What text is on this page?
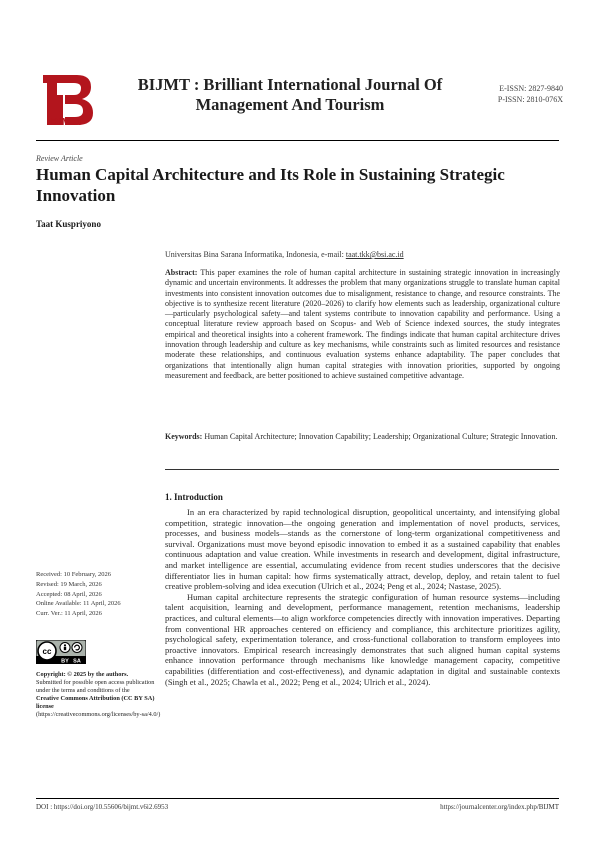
BIMJT
BIJMT : Brilliant International Journal Of Management And Tourism
E-ISSN: 2827-9840
P-ISSN: 2810-076X
Review Article
Human Capital Architecture and Its Role in Sustaining Strategic Innovation
Taat Kuspriyono
Universitas Bina Sarana Informatika, Indonesia, e-mail: taat.tkk@bsi.ac.id
Abstract: This paper examines the role of human capital architecture in sustaining strategic innovation in increasingly dynamic and uncertain environments. It addresses the problem that many organizations struggle to translate human capital investments into consistent innovation outcomes due to misalignment, resistance to change, and resource constraints. The objective is to synthesize recent literature (2020–2026) to clarify how elements such as leadership, organizational culture—particularly psychological safety—and talent systems contribute to innovation capability and performance. Using a conceptual literature review approach based on Scopus- and Web of Science indexed sources, the study integrates empirical and theoretical insights into a coherent framework. The findings indicate that human capital architecture drives innovation through leadership and culture as key mechanisms, while constraints such as limited resources and resistance moderate these relationships, and continuous evaluation systems enhance adaptability. The paper concludes that organizations that intentionally align human capital strategies with innovation priorities, supported by ongoing measurement and feedback, are better positioned to achieve sustained competitive advantage.
Keywords: Human Capital Architecture; Innovation Capability; Leadership; Organizational Culture; Strategic Innovation.
1. Introduction

In an era characterized by rapid technological disruption, geopolitical uncertainty, and intensifying global competition, strategic innovation—the ongoing generation and implementation of novel products, services, processes, and business models—stands as the cornerstone of long-term organizational competitiveness and survival. Organizations must move beyond episodic innovation to embed it as a sustained capability that enables continuous adaptation and value creation. While investments in research and development, digital infrastructure, and market intelligence are essential, accumulating evidence from recent studies underscores that the decisive differentiator lies in human capital: how firms systematically attract, develop, deploy, and retain talent to fuel creative problem-solving and idea execution (Ulrich et al., 2024; Peng et al., 2024; Nastase, 2025).

Human capital architecture represents the strategic configuration of human resource systems—including talent acquisition, learning and development, performance management, retention mechanisms, leadership practices, and cultural elements—to align workforce competencies directly with innovation imperatives. Departing from conventional HR approaches centered on efficiency and compliance, this architecture prioritizes agility, psychological safety, experimentation tolerance, and cross-functional collaboration to transform employees into proactive innovators. Empirical research increasingly demonstrates that such aligned human capital systems enhance innovation performance through mechanisms like knowledge management capacity, competitive capabilities (differentiation and cost-effectiveness), and dynamic adaptation in digital and sustainable contexts (Singh et al., 2025; Chawla et al., 2022; Peng et al., 2024; Ulrich et al., 2024).

Received: 10 February, 2026
Revised: 19 March, 2026
Accepted: 08 April, 2026
Online Available: 11 April, 2026
Curr. Ver.: 11 April, 2026
cc
BY SA
Copyright: © 2025 by the authors.
Submitted for possible open access publication under the terms and conditions of the
Creative Commons Attribution (CC BY SA) license
(https://creativecommons.org/licenses/by-sa/4.0/)
DOI : https://doi.org/10.55606/bijmt.v6i2.6953	https://journalcenter.org/index.php/BIJMT
